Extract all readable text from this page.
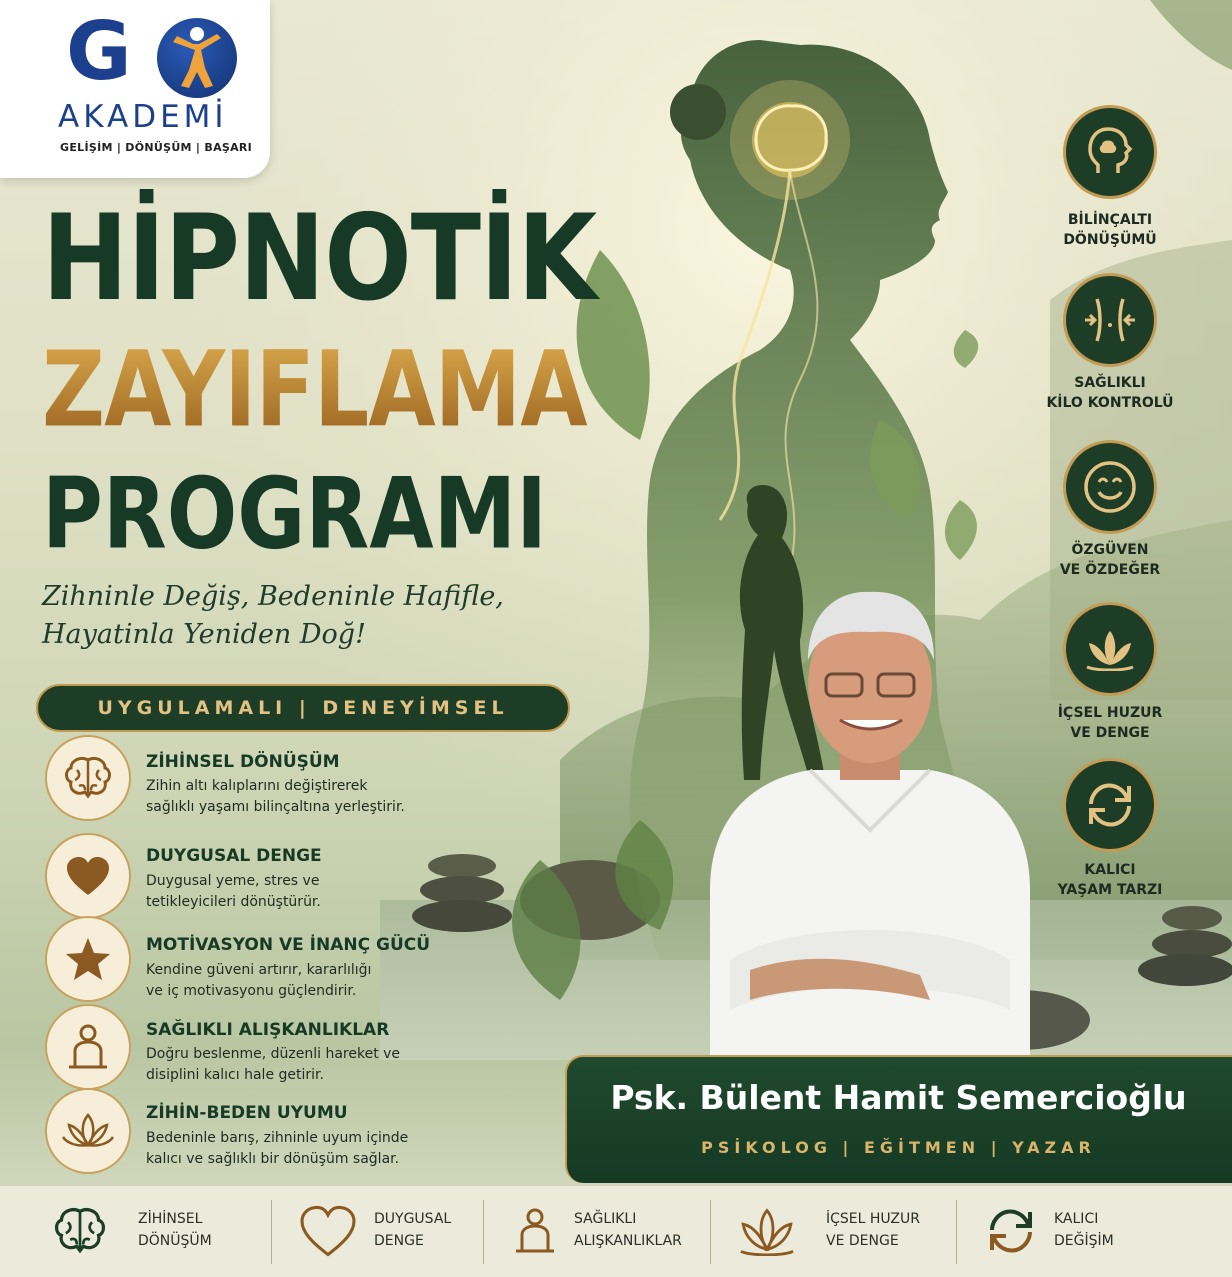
G
AKADEMİ
GELİŞİM | DÖNÜŞÜM | BAŞARI
HİPNOTİK
ZAYIFLAMA
PROGRAMI
Zihninle Değiş, Bedeninle Hafifle,
Hayatinla Yeniden Doğ!
UYGULAMALI | DENEYİMSEL
ZİHİNSEL DÖNÜŞÜM
Zihin altı kalıplarını değiştirerek
sağlıklı yaşamı bilinçaltına yerleştirir.
DUYGUSAL DENGE
Duygusal yeme, stres ve
tetikleyicileri dönüştürür.
MOTİVASYON VE İNANÇ GÜCÜ
Kendine güveni artırır, kararlılığı
ve iç motivasyonu güçlendirir.
SAĞLIKLI ALIŞKANLIKLAR
Doğru beslenme, düzenli hareket ve
disiplini kalıcı hale getirir.
ZİHİN-BEDEN UYUMU
Bedeninle barış, zihninle uyum içinde
kalıcı ve sağlıklı bir dönüşüm sağlar.
BİLİNÇALTI
DÖNÜŞÜMÜ
SAĞLIKLI
KİLO KONTROLÜ
ÖZGÜVEN
VE ÖZDEĞER
İÇSEL HUZUR
VE DENGE
KALICI
YAŞAM TARZI
Psk. Bülent Hamit Semercioğlu
PSİKOLOG | EĞİTMEN | YAZAR
ZİHİNSEL
DÖNÜŞÜM
DUYGUSAL
DENGE
SAĞLIKLI
ALIŞKANLIKLAR
İÇSEL HUZUR
VE DENGE
KALICI
DEĞİŞİM
